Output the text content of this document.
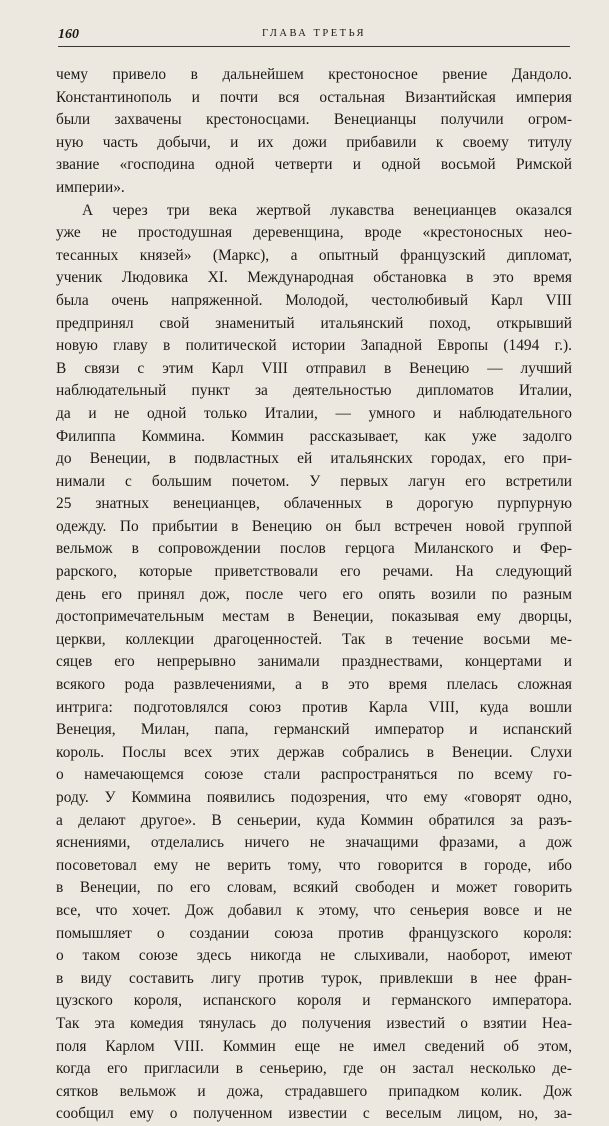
160	ГЛАВА ТРЕТЬЯ
чему привело в дальнейшем крестоносное рвение Дандоло.
Константинополь и почти вся остальная Византийская империя
были захвачены крестоносцами. Венецианцы получили огром-
ную часть добычи, и их дожи прибавили к своему титулу
звание «господина одной четверти и одной восьмой Римской
империи».
А через три века жертвой лукавства венецианцев оказался
уже не простодушная деревенщина, вроде «крестоносных нео-
тесанных князей» (Маркс), а опытный французский дипломат,
ученик Людовика XI. Международная обстановка в это время
была очень напряженной. Молодой, честолюбивый Карл VIII
предпринял свой знаменитый итальянский поход, открывший
новую главу в политической истории Западной Европы (1494 г.).
В связи с этим Карл VIII отправил в Венецию — лучший
наблюдательный пункт за деятельностью дипломатов Италии,
да и не одной только Италии, — умного и наблюдательного
Филиппа Коммина. Коммин рассказывает, как уже задолго
до Венеции, в подвластных ей итальянских городах, его при-
нимали с большим почетом. У первых лагун его встретили
25 знатных венецианцев, облаченных в дорогую пурпурную
одежду. По прибытии в Венецию он был встречен новой группой
вельмож в сопровождении послов герцога Миланского и Фер-
рарского, которые приветствовали его речами. На следующий
день его принял дож, после чего его опять возили по разным
достопримечательным местам в Венеции, показывая ему дворцы,
церкви, коллекции драгоценностей. Так в течение восьми ме-
сяцев его непрерывно занимали празднествами, концертами и
всякого рода развлечениями, а в это время плелась сложная
интрига: подготовлялся союз против Карла VIII, куда вошли
Венеция, Милан, папа, германский император и испанский
король. Послы всех этих держав собрались в Венеции. Слухи
о намечающемся союзе стали распространяться по всему го-
роду. У Коммина появились подозрения, что ему «говорят одно,
а делают другое». В сеньерии, куда Коммин обратился за разъ-
яснениями, отделались ничего не значащими фразами, а дож
посоветовал ему не верить тому, что говорится в городе, ибо
в Венеции, по его словам, всякий свободен и может говорить
все, что хочет. Дож добавил к этому, что сеньерия вовсе и не
помышляет о создании союза против французского короля:
о таком союзе здесь никогда не слыхивали, наоборот, имеют
в виду составить лигу против турок, привлекши в нее фран-
цузского короля, испанского короля и германского императора.
Так эта комедия тянулась до получения известий о взятии Неа-
поля Карлом VIII. Коммин еще не имел сведений об этом,
когда его пригласили в сеньерию, где он застал несколько де-
сятков вельмож и дожа, страдавшего припадком колик. Дож
сообщил ему о полученном известии с веселым лицом, но, за-
